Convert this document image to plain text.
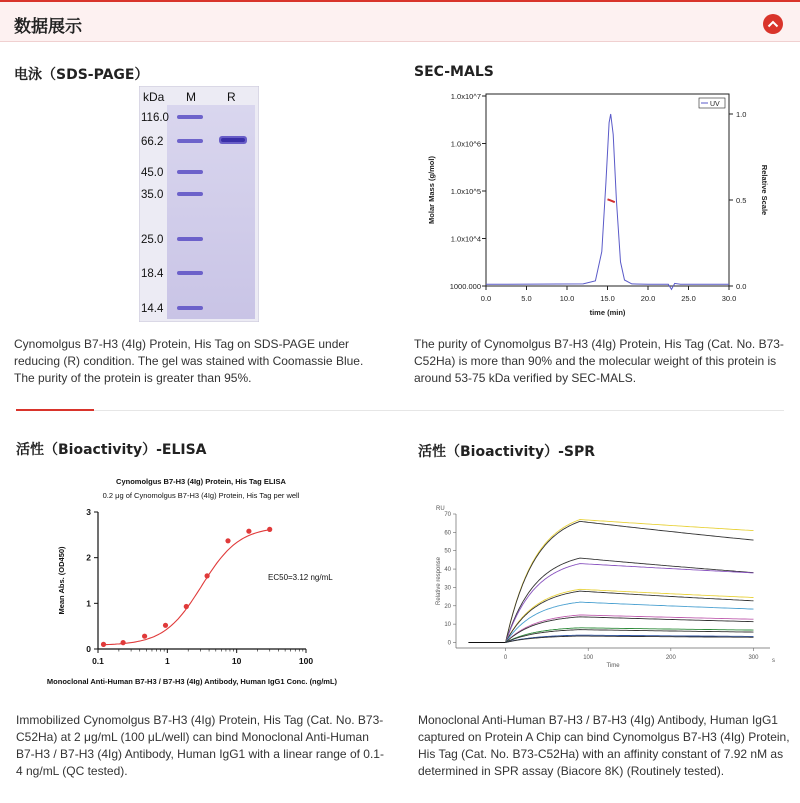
数据展示
电泳（SDS-PAGE）
kDa M	R
116.0
66.2
45.0
35.0
25.0
18.4
14.4
Cynomolgus B7-H3 (4Ig) Protein, His Tag on SDS-PAGE under reducing (R) condition. The gel was stained with Coomassie Blue. The purity of the protein is greater than 95%.
SEC-MALS
0.0	5.0	10.0	15.0	20.0	25.0	30.0
1000.000
1.0x10^4
1.0x10^5
1.0x10^6
1.0x10^7
0.0
0.5
1.0
time (min)
Molar Mass (g/mol)	Relative Scale
UV
The purity of Cynomolgus B7-H3 (4Ig) Protein, His Tag (Cat. No. B73-C52Ha) is more than 90% and the molecular weight of this protein is around 53-75 kDa verified by SEC-MALS.
活性（Bioactivity）-ELISA
Cynomolgus B7-H3 (4Ig) Protein, His Tag ELISA
0.2 μg of Cynomolgus B7-H3 (4Ig) Protein, His Tag per well
0
1
2
3
0.1	1	10	100
Mean Abs. (OD450)
Monoclonal Anti-Human B7-H3 / B7-H3 (4Ig) Antibody, Human IgG1 Conc. (ng/mL)
EC50=3.12 ng/mL
Immobilized Cynomolgus B7-H3 (4Ig) Protein, His Tag (Cat. No. B73-C52Ha) at 2 μg/mL (100 μL/well) can bind Monoclonal Anti-Human B7-H3 / B7-H3 (4Ig) Antibody, Human IgG1 with a linear range of 0.1-4 ng/mL (QC tested).
活性（Bioactivity）-SPR
RU
s
0
10
20
30
40
50
60
70
0	100	200	300
Time
Relative response
Monoclonal Anti-Human B7-H3 / B7-H3 (4Ig) Antibody, Human IgG1 captured on Protein A Chip can bind Cynomolgus B7-H3 (4Ig) Protein, His Tag (Cat. No. B73-C52Ha) with an affinity constant of 7.92 nM as determined in SPR assay (Biacore 8K) (Routinely tested).
